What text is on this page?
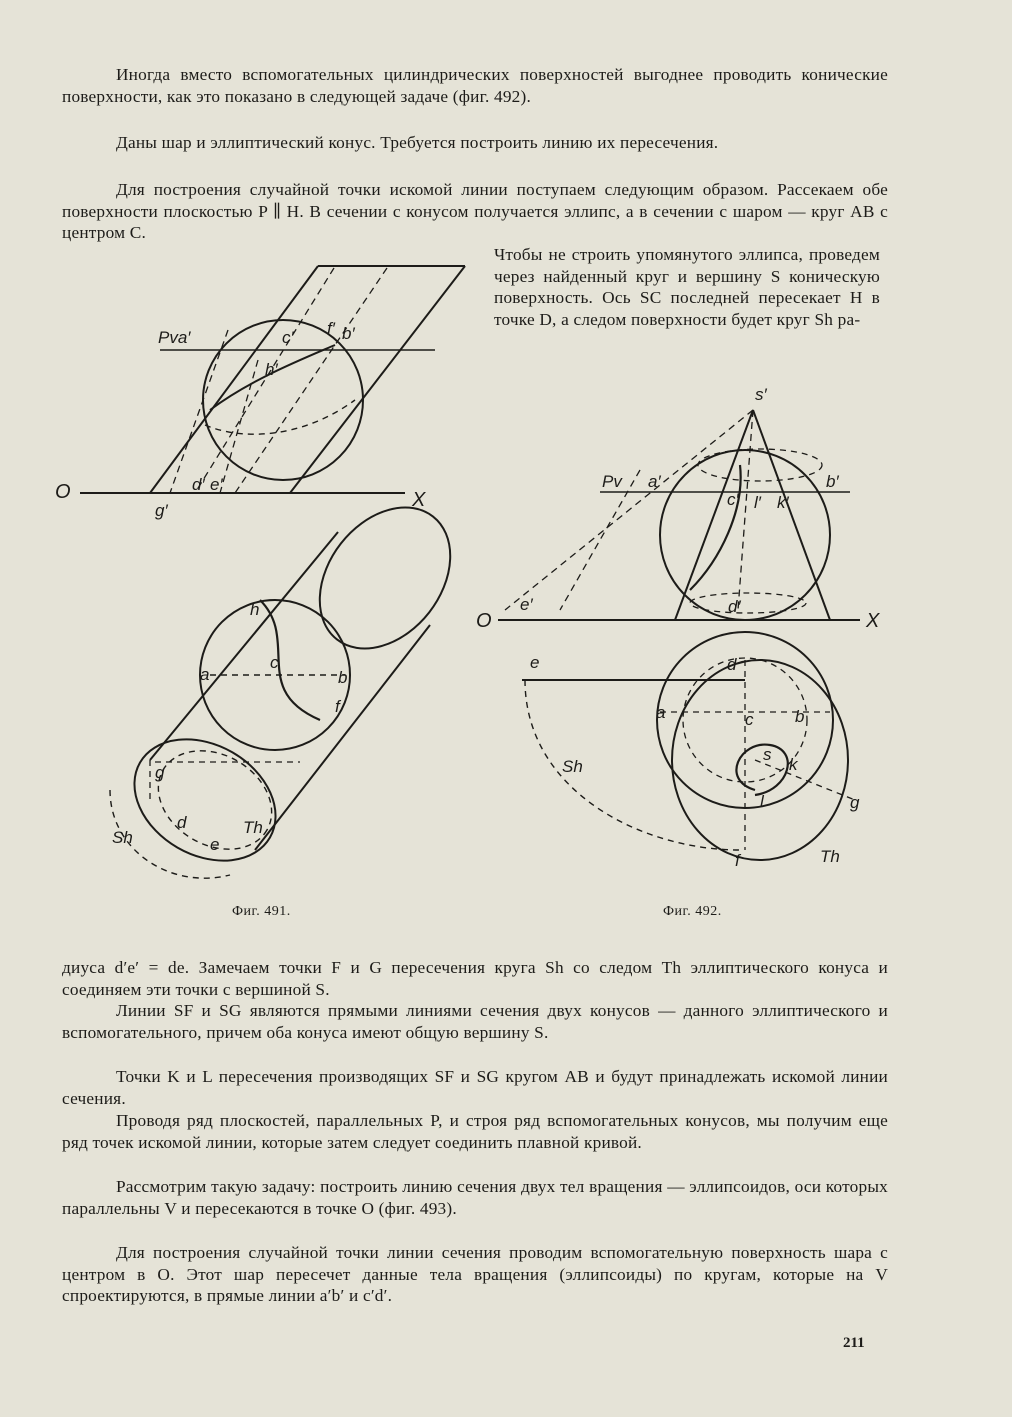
Иногда вместо вспомогательных цилиндрических поверхностей выгоднее проводить конические поверхности, как это показано в следующей задаче (фиг. 492).

Даны шар и эллиптический конус. Требуется построить линию их пересечения.

Для построения случайной точки искомой линии поступаем следующим образом. Рассекаем обе поверхности плоскостью P ∥ H. В сечении с конусом получается эллипс, а в сечении с шаром — круг AB с центром C.

Чтобы не строить упомянутого эллипса, проведем через найденный круг и вершину S коническую поверхность. Ось SC последней пересекает H в точке D, а следом поверхности будет круг Sh ра-

Pva′	c′ f′ b′
h′
d′ e′
g′
O	X
h
c
a	b
f
g
d
e
Sh
Th
s′
Pv a′	b′
c′ l′ k′
e′	d′
O	X
e	d
a	c b
s
k
l
Sh
g
f	Th
Фиг. 491.	Фиг. 492.

диуса d′e′ = de. Замечаем точки F и G пересечения круга Sh со следом Th эллиптического конуса и соединяем эти точки с вершиной S.

Линии SF и SG являются прямыми линиями сечения двух конусов — данного эллиптического и вспомогательного, причем оба конуса имеют общую вершину S.

Точки K и L пересечения производящих SF и SG кругом AB и будут принадлежать искомой линии сечения.

Проводя ряд плоскостей, параллельных P, и строя ряд вспомогательных конусов, мы получим еще ряд точек искомой линии, которые затем следует соединить плавной кривой.

Рассмотрим такую задачу: построить линию сечения двух тел вращения — эллипсоидов, оси которых параллельны V и пересекаются в точке O (фиг. 493).

Для построения случайной точки линии сечения проводим вспомогательную поверхность шара с центром в O. Этот шар пересечет данные тела вращения (эллипсоиды) по кругам, которые на V спроектируются, в прямые линии a′b′ и c′d′.

211
